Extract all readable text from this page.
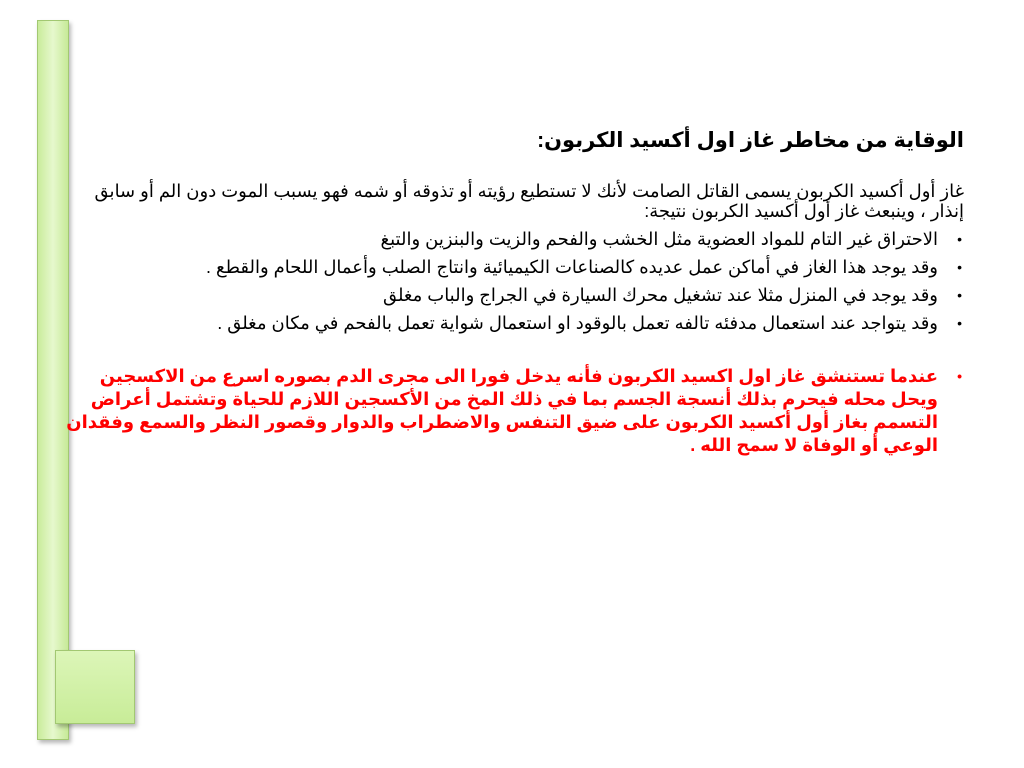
الوقاية من مخاطر غاز اول أكسيد الكربون:
غاز أول أكسيد الكربون يسمى القاتل الصامت لأنك لا تستطيع رؤيته أو تذوقه أو شمه فهو يسبب الموت دون الم أو سابق إنذار ، وينبعث غاز أول أكسيد الكربون نتيجة:
•
الاحتراق غير التام للمواد العضوية مثل الخشب والفحم والزيت والبنزين والتبغ
•
وقد يوجد هذا الغاز في أماكن عمل عديده كالصناعات الكيميائية وانتاج الصلب وأعمال اللحام والقطع .
•
وقد يوجد في المنزل مثلا عند تشغيل محرك السيارة في الجراج والباب مغلق
•
وقد يتواجد عند استعمال مدفئه تالفه تعمل بالوقود او استعمال شواية تعمل بالفحم في مكان مغلق .
•
عندما تستنشق غاز اول اكسيد الكربون فأنه يدخل فورا الى مجرى الدم بصوره اسرع من الاكسجين ويحل محله فيحرم بذلك أنسجة الجسم بما في ذلك المخ من الأكسجين اللازم للحياة وتشتمل أعراض التسمم بغاز أول أكسيد الكربون على ضيق التنفس والاضطراب والدوار وقصور النظر والسمع وفقدان الوعي أو الوفاة لا سمح الله .
